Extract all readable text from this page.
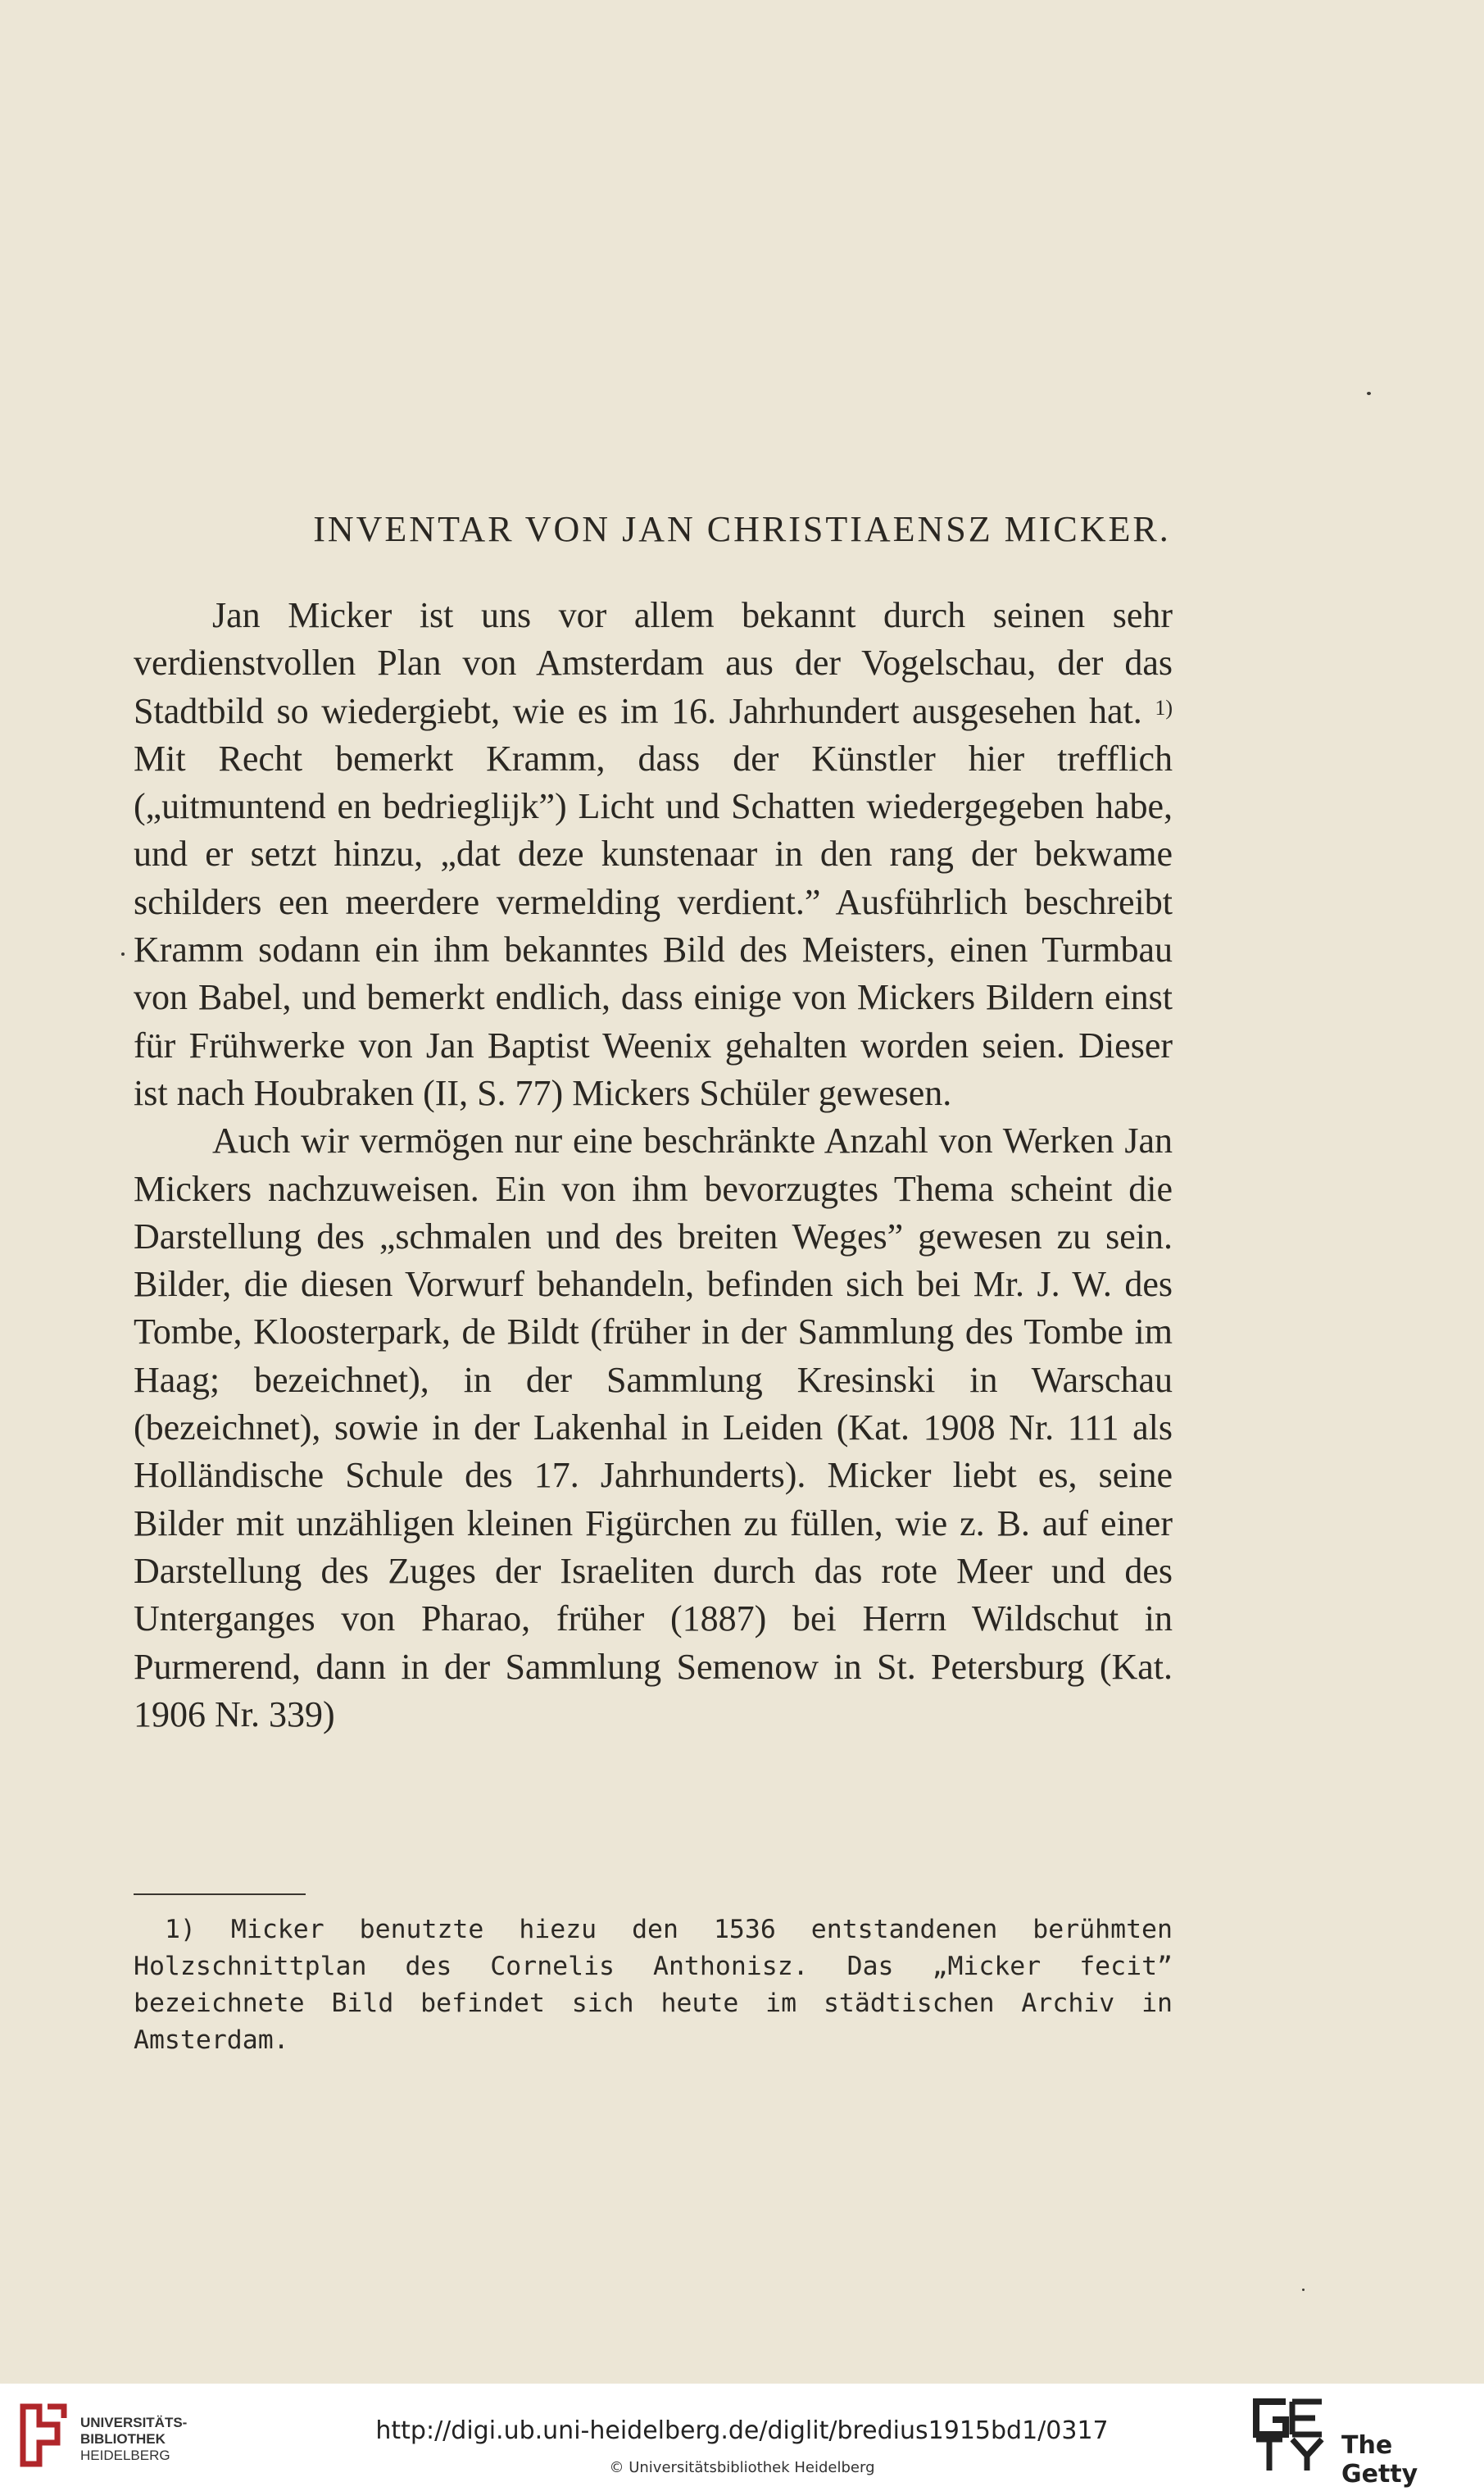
INVENTAR VON JAN CHRISTIAENSZ MICKER.

Jan Micker ist uns vor allem bekannt durch seinen sehr verdienstvollen Plan von Amsterdam aus der Vogelschau, der das Stadtbild so wiedergiebt, wie es im 16. Jahrhundert ausgesehen hat. $^{1)}$ Mit Recht bemerkt Kramm, dass der Künstler hier trefflich („uitmuntend en bedrieglijk”) Licht und Schatten wiedergegeben habe, und er setzt hinzu, „dat deze kunstenaar in den rang der bekwame schilders een meerdere vermelding verdient.” Ausführlich beschreibt Kramm sodann ein ihm bekanntes Bild des Meisters, einen Turmbau von Babel, und bemerkt endlich, dass einige von Mickers Bildern einst für Frühwerke von Jan Baptist Weenix gehalten worden seien. Dieser ist nach Houbraken (II, S. 77) Mickers Schüler gewesen.

Auch wir vermögen nur eine beschränkte Anzahl von Werken Jan Mickers nachzuweisen. Ein von ihm bevorzugtes Thema scheint die Darstellung des „schmalen und des breiten Weges” gewesen zu sein. Bilder, die diesen Vorwurf behandeln, befinden sich bei Mr. J. W. des Tombe, Kloosterpark, de Bildt (früher in der Sammlung des Tombe im Haag; bezeichnet), in der Sammlung Kresinski in Warschau (bezeichnet), sowie in der Lakenhal in Leiden (Kat. 1908 Nr. 111 als Holländische Schule des 17. Jahrhunderts). Micker liebt es, seine Bilder mit unzähligen kleinen Figürchen zu füllen, wie z. B. auf einer Darstellung des Zuges der Israeliten durch das rote Meer und des Unterganges von Pharao, früher (1887) bei Herrn Wildschut in Purmerend, dann in der Sammlung Semenow in St. Petersburg (Kat. 1906 Nr. 339)

1) Micker benutzte hiezu den 1536 entstandenen berühmten Holzschnittplan des Cornelis Anthonisz. Das „Micker fecit” bezeichnete Bild befindet sich heute im städtischen Archiv in Amsterdam.

UNIVERSITÄTS-
BIBLIOTHEK
HEIDELBERG
http://digi.ub.uni-heidelberg.de/diglit/bredius1915bd1/0317
© Universitätsbibliothek Heidelberg
The Getty
